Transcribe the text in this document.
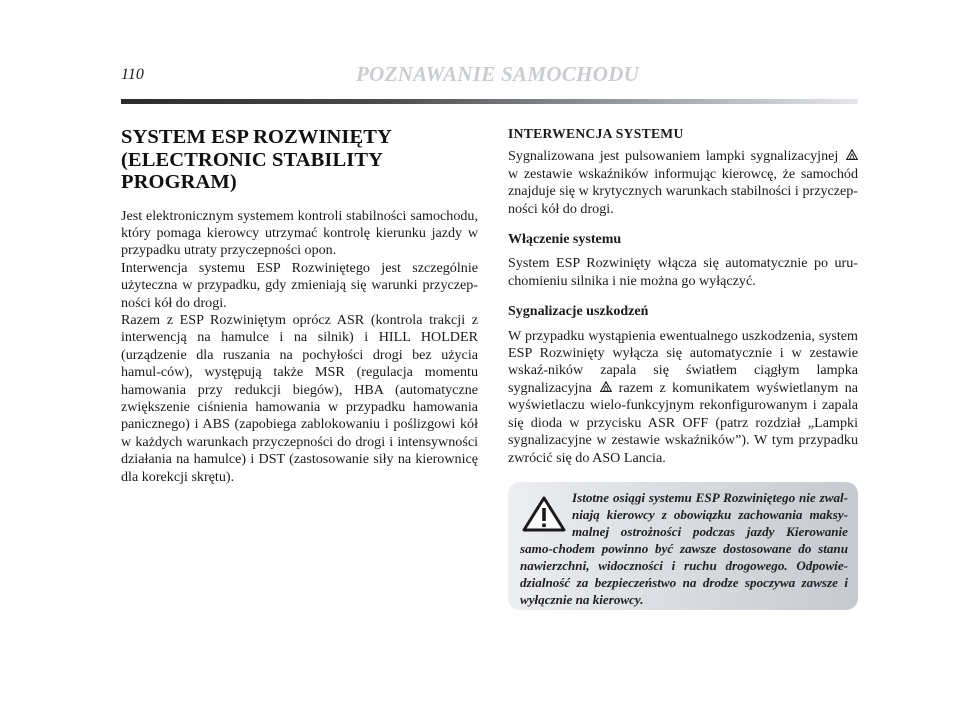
110	POZNAWANIE SAMOCHODU
SYSTEM ESP ROZWINIĘTY
(ELECTRONIC STABILITY
PROGRAM)

Jest elektronicznym systemem kontroli stabilności samochodu, który pomaga kierowcy utrzymać kontrolę kierunku jazdy w przypadku utraty przyczepności opon.

Interwencja systemu ESP Rozwiniętego jest szczególnie użyteczna w przypadku, gdy zmieniają się warunki przyczep-ności kół do drogi.

Razem z ESP Rozwiniętym oprócz ASR (kontrola trakcji z interwencją na hamulce i na silnik) i HILL HOLDER (urządzenie dla ruszania na pochyłości drogi bez użycia hamul-ców), występują także MSR (regulacja momentu hamowania przy redukcji biegów), HBA (automatyczne zwiększenie ciśnienia hamowania w przypadku hamowania panicznego) i ABS (zapobiega zablokowaniu i poślizgowi kół w każdych warunkach przyczepności do drogi i intensywności działania na hamulce) i DST (zastosowanie siły na kierownicę dla korekcji skrętu).

INTERWENCJA SYSTEMU

Sygnalizowana jest pulsowaniem lampki sygnalizacyjnej  w zestawie wskaźników informując kierowcę, że samochód znajduje się w krytycznych warunkach stabilności i przyczep-ności kół do drogi.

Włączenie systemu

System ESP Rozwinięty włącza się automatycznie po uru-chomieniu silnika i nie można go wyłączyć.

Sygnalizacje uszkodzeń

W przypadku wystąpienia ewentualnego uszkodzenia, system ESP Rozwinięty wyłącza się automatycznie i w zestawie wskaź-ników zapala się światłem ciągłym lampka sygnalizacyjna razem z komunikatem wyświetlanym na wyświetlaczu wielo-funkcyjnym rekonfigurowanym i zapala się dioda w przycisku ASR OFF (patrz rozdział „Lampki sygnalizacyjne w zestawie wskaźników”). W tym przypadku zwrócić się do ASO Lancia.

Istotne osiągi systemu ESP Rozwiniętego nie zwal-niają kierowcy z obowiązku zachowania maksy-malnej ostrożności podczas jazdy Kierowanie samo-chodem powinno być zawsze dostosowane do stanu nawierzchni, widoczności i ruchu drogowego. Odpowie-dzialność za bezpieczeństwo na drodze spoczywa zawsze i wyłącznie na kierowcy.
